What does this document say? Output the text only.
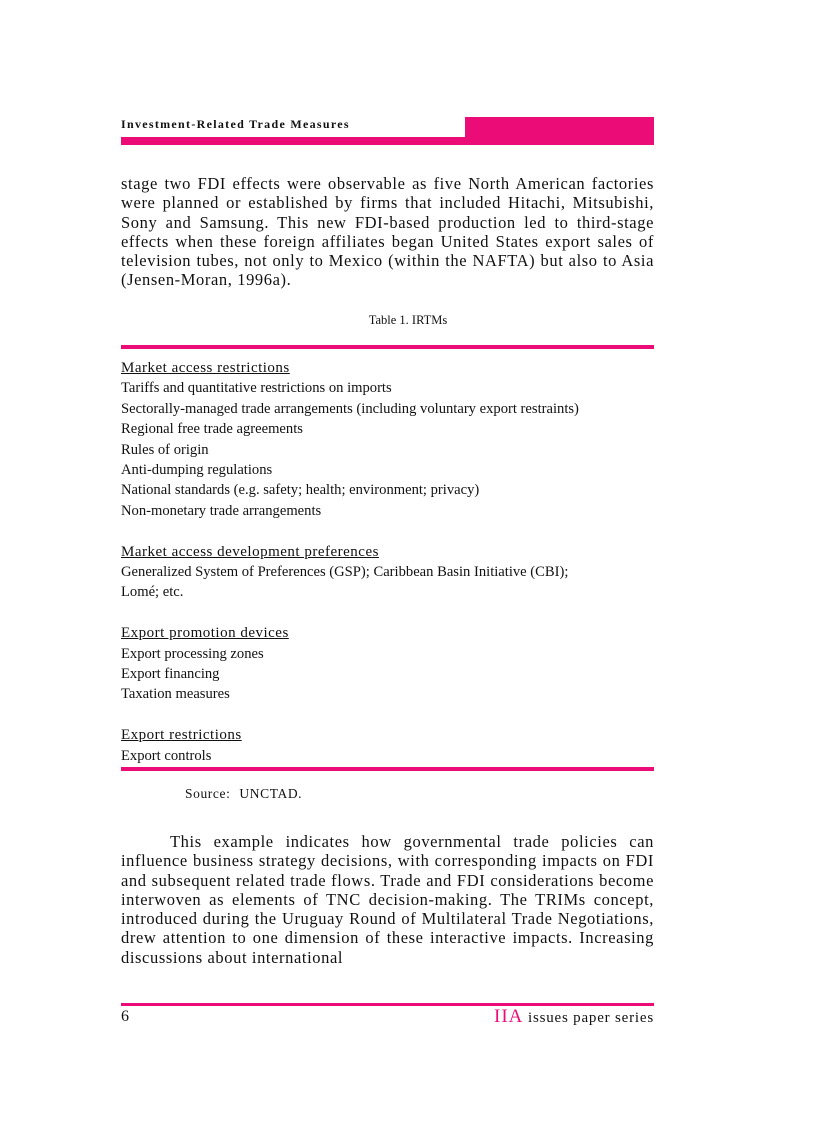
Investment-Related Trade Measures

stage two FDI effects were observable as five North American factories were planned or established by firms that included Hitachi, Mitsubishi, Sony and Samsung. This new FDI-based production led to third-stage effects when these foreign affiliates began United States export sales of television tubes, not only to Mexico (within the NAFTA) but also to Asia (Jensen-Moran, 1996a).

Table 1. IRTMs
Market access restrictions
Tariffs and quantitative restrictions on imports
Sectorally-managed trade arrangements (including voluntary export restraints)
Regional free trade agreements
Rules of origin
Anti-dumping regulations
National standards (e.g. safety; health; environment; privacy)
Non-monetary trade arrangements
Market access development preferences
Generalized System of Preferences (GSP); Caribbean Basin Initiative (CBI);
Lomé; etc.
Export promotion devices
Export processing zones
Export financing
Taxation measures
Export restrictions
Export controls
Source: UNCTAD.

This example indicates how governmental trade policies can influence business strategy decisions, with corresponding impacts on FDI and subsequent related trade flows. Trade and FDI considerations become interwoven as elements of TNC decision-making. The TRIMs concept, introduced during the Uruguay Round of Multilateral Trade Negotiations, drew attention to one dimension of these interactive impacts. Increasing discussions about international

6	IIA issues paper series
